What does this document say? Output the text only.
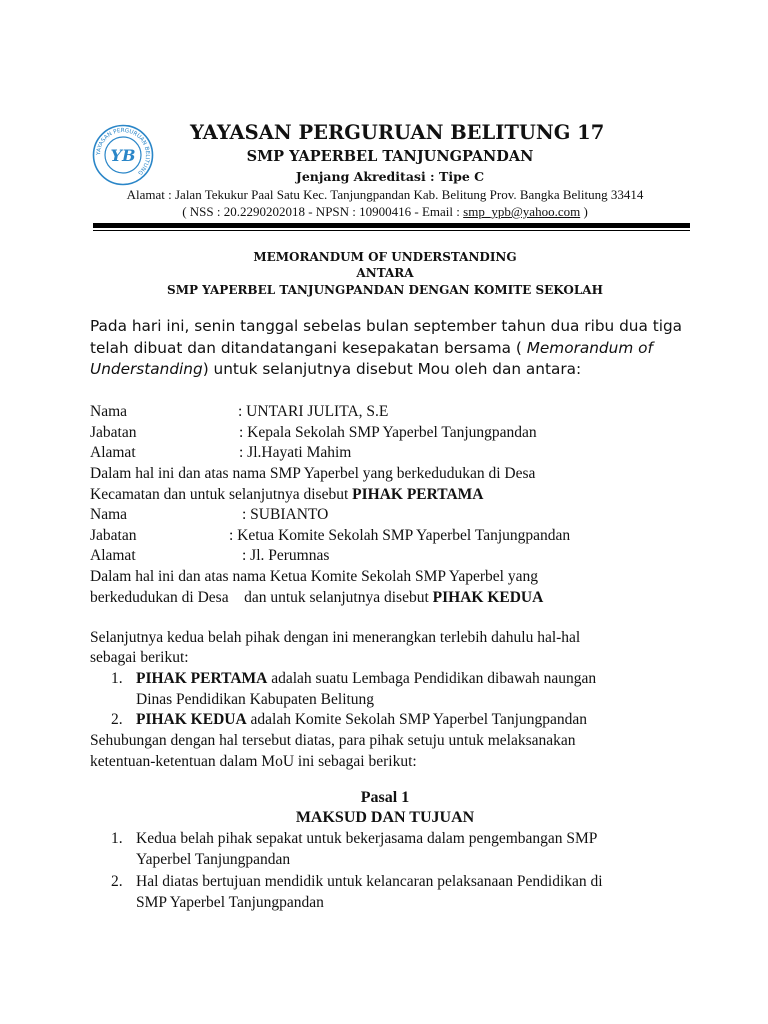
YAYASAN PERGURUAN BELITUNG
YB
YAYASAN PERGURUAN BELITUNG 17
SMP YAPERBEL TANJUNGPANDAN
Jenjang Akreditasi : Tipe C
Alamat : Jalan Tekukur Paal Satu Kec. Tanjungpandan Kab. Belitung Prov. Bangka Belitung 33414
( NSS : 20.2290202018 - NPSN : 10900416 - Email : smp_ypb@yahoo.com )
MEMORANDUM OF UNDERSTANDING
ANTARA
SMP YAPERBEL TANJUNGPANDAN DENGAN KOMITE SEKOLAH
Pada hari ini, senin tanggal sebelas bulan september tahun dua ribu dua tiga
telah dibuat dan ditandatangani kesepakatan bersama ( Memorandum of
Understanding) untuk selanjutnya disebut Mou oleh dan antara:
Nama	: UNTARI JULITA, S.E
Jabatan	: Kepala Sekolah SMP Yaperbel Tanjungpandan
Alamat	: Jl.Hayati Mahim
Dalam hal ini dan atas nama SMP Yaperbel yang berkedudukan di Desa
Kecamatan dan untuk selanjutnya disebut PIHAK PERTAMA
Nama	: SUBIANTO
Jabatan	: Ketua Komite Sekolah SMP Yaperbel Tanjungpandan
Alamat	: Jl. Perumnas
Dalam hal ini dan atas nama Ketua Komite Sekolah SMP Yaperbel yang
berkedudukan di Desa    dan untuk selanjutnya disebut PIHAK KEDUA
Selanjutnya kedua belah pihak dengan ini menerangkan terlebih dahulu hal-hal
sebagai berikut:
1. PIHAK PERTAMA adalah suatu Lembaga Pendidikan dibawah naungan
Dinas Pendidikan Kabupaten Belitung
2. PIHAK KEDUA adalah Komite Sekolah SMP Yaperbel Tanjungpandan
Sehubungan dengan hal tersebut diatas, para pihak setuju untuk melaksanakan
ketentuan-ketentuan dalam MoU ini sebagai berikut:
Pasal 1
MAKSUD DAN TUJUAN
1. Kedua belah pihak sepakat untuk bekerjasama dalam pengembangan SMP
Yaperbel Tanjungpandan
2. Hal diatas bertujuan mendidik untuk kelancaran pelaksanaan Pendidikan di
SMP Yaperbel Tanjungpandan
